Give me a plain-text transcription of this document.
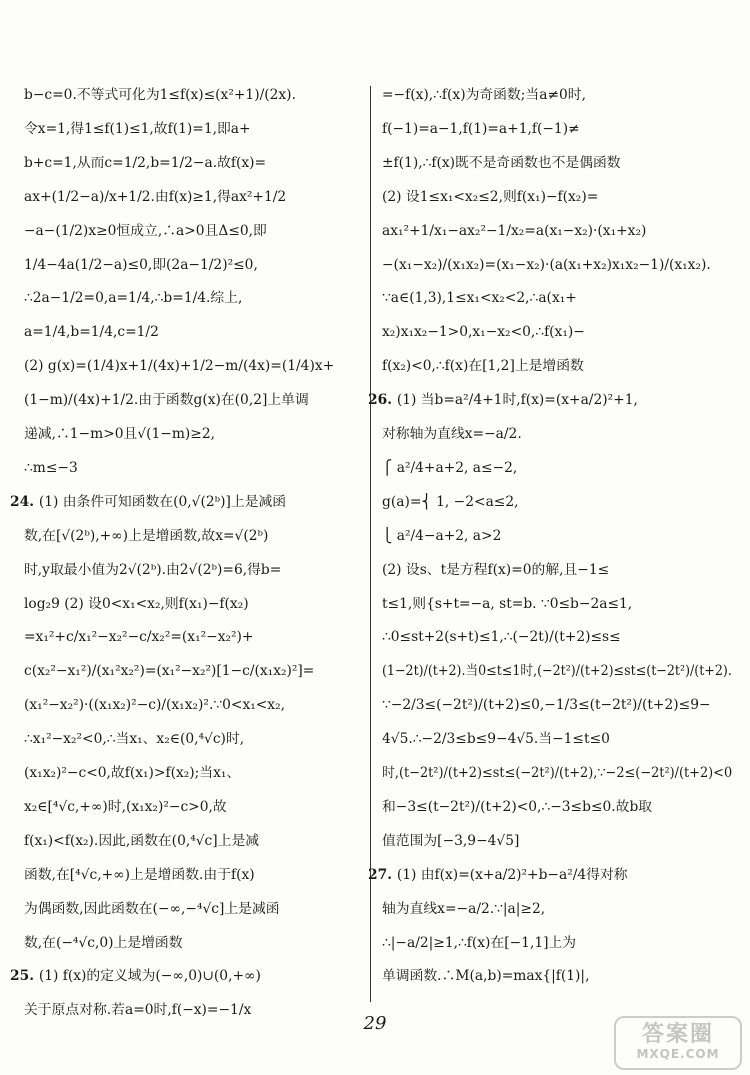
b−c=0.不等式可化为1≤f(x)≤(x²+1)/(2x).
令x=1,得1≤f(1)≤1,故f(1)=1,即a+
b+c=1,从而c=1/2,b=1/2−a.故f(x)=
ax+(1/2−a)/x+1/2.由f(x)≥1,得ax²+1/2
−a−(1/2)x≥0恒成立,∴a>0且Δ≤0,即
1/4−4a(1/2−a)≤0,即(2a−1/2)²≤0,
∴2a−1/2=0,a=1/4,∴b=1/4.综上,
a=1/4,b=1/4,c=1/2
(2) g(x)=(1/4)x+1/(4x)+1/2−m/(4x)=(1/4)x+
(1−m)/(4x)+1/2.由于函数g(x)在(0,2]上单调
递减,∴1−m>0且√(1−m)≥2,
∴m≤−3
24. (1) 由条件可知函数在(0,√(2ᵇ)]上是减函
数,在[√(2ᵇ),+∞)上是增函数,故x=√(2ᵇ)
时,y取最小值为2√(2ᵇ).由2√(2ᵇ)=6,得b=
log₂9 (2) 设0<x₁<x₂,则f(x₁)−f(x₂)
=x₁²+c/x₁²−x₂²−c/x₂²=(x₁²−x₂²)+
c(x₂²−x₁²)/(x₁²x₂²)=(x₁²−x₂²)[1−c/(x₁x₂)²]=
(x₁²−x₂²)·((x₁x₂)²−c)/(x₁x₂)².∵0<x₁<x₂,
∴x₁²−x₂²<0,∴当x₁、x₂∈(0,⁴√c)时,
(x₁x₂)²−c<0,故f(x₁)>f(x₂);当x₁、
x₂∈[⁴√c,+∞)时,(x₁x₂)²−c>0,故
f(x₁)<f(x₂).因此,函数在(0,⁴√c]上是减
函数,在[⁴√c,+∞)上是增函数.由于f(x)
为偶函数,因此函数在(−∞,−⁴√c]上是减函
数,在(−⁴√c,0)上是增函数
25. (1) f(x)的定义域为(−∞,0)∪(0,+∞)
关于原点对称.若a=0时,f(−x)=−1/x
=−f(x),∴f(x)为奇函数;当a≠0时,
f(−1)=a−1,f(1)=a+1,f(−1)≠
±f(1),∴f(x)既不是奇函数也不是偶函数
(2) 设1≤x₁<x₂≤2,则f(x₁)−f(x₂)=
ax₁²+1/x₁−ax₂²−1/x₂=a(x₁−x₂)·(x₁+x₂)
−(x₁−x₂)/(x₁x₂)=(x₁−x₂)·(a(x₁+x₂)x₁x₂−1)/(x₁x₂).
∵a∈(1,3),1≤x₁<x₂<2,∴a(x₁+
x₂)x₁x₂−1>0,x₁−x₂<0,∴f(x₁)−
f(x₂)<0,∴f(x)在[1,2]上是增函数
26. (1) 当b=a²/4+1时,f(x)=(x+a/2)²+1,
对称轴为直线x=−a/2.
⎧ a²/4+a+2, a≤−2,
g(a)=⎨ 1, −2<a≤2,
⎩ a²/4−a+2, a>2
(2) 设s、t是方程f(x)=0的解,且−1≤
t≤1,则{s+t=−a, st=b. ∵0≤b−2a≤1,
∴0≤st+2(s+t)≤1,∴(−2t)/(t+2)≤s≤
(1−2t)/(t+2).当0≤t≤1时,(−2t²)/(t+2)≤st≤(t−2t²)/(t+2).
∵−2/3≤(−2t²)/(t+2)≤0,−1/3≤(t−2t²)/(t+2)≤9−
4√5.∴−2/3≤b≤9−4√5.当−1≤t≤0
时,(t−2t²)/(t+2)≤st≤(−2t²)/(t+2),∵−2≤(−2t²)/(t+2)<0
和−3≤(t−2t²)/(t+2)<0,∴−3≤b≤0.故b取
值范围为[−3,9−4√5]
27. (1) 由f(x)=(x+a/2)²+b−a²/4得对称
轴为直线x=−a/2.∵|a|≥2,
∴|−a/2|≥1,∴f(x)在[−1,1]上为
单调函数.∴M(a,b)=max{|f(1)|,
29	答案圈
MXQE.COM
